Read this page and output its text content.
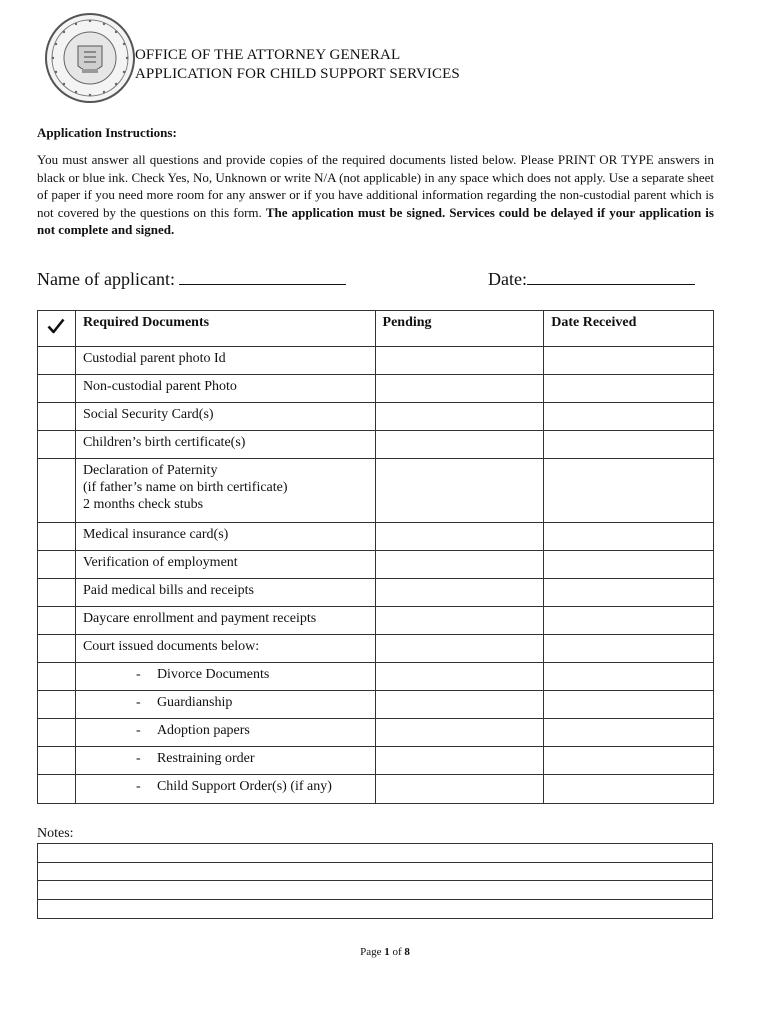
OFFICE OF THE ATTORNEY GENERAL
APPLICATION FOR CHILD SUPPORT SERVICES
Application Instructions:
You must answer all questions and provide copies of the required documents listed below. Please PRINT OR TYPE answers in black or blue ink. Check Yes, No, Unknown or write N/A (not applicable) in any space which does not apply. Use a separate sheet of paper if you need more room for any answer or if you have additional information regarding the non-custodial parent which is not covered by the questions on this form. The application must be signed. Services could be delayed if your application is not complete and signed.
Name of applicant:	Date:
	Required Documents	Pending	Date Received

	Custodial parent photo Id		

	Non-custodial parent Photo		

	Social Security Card(s)		

	Children’s birth certificate(s)		

	Declaration of Paternity
(if father’s name on birth certificate)
2 months check stubs		

	Medical insurance card(s)		

	Verification of employment		

	Paid medical bills and receipts		

	Daycare enrollment and payment receipts		

	Court issued documents below:		

	- Divorce Documents		
	- Guardianship		
	- Adoption papers		
	- Restraining order		
	- Child Support Order(s) (if any)		
Notes:
Page 1 of 8
